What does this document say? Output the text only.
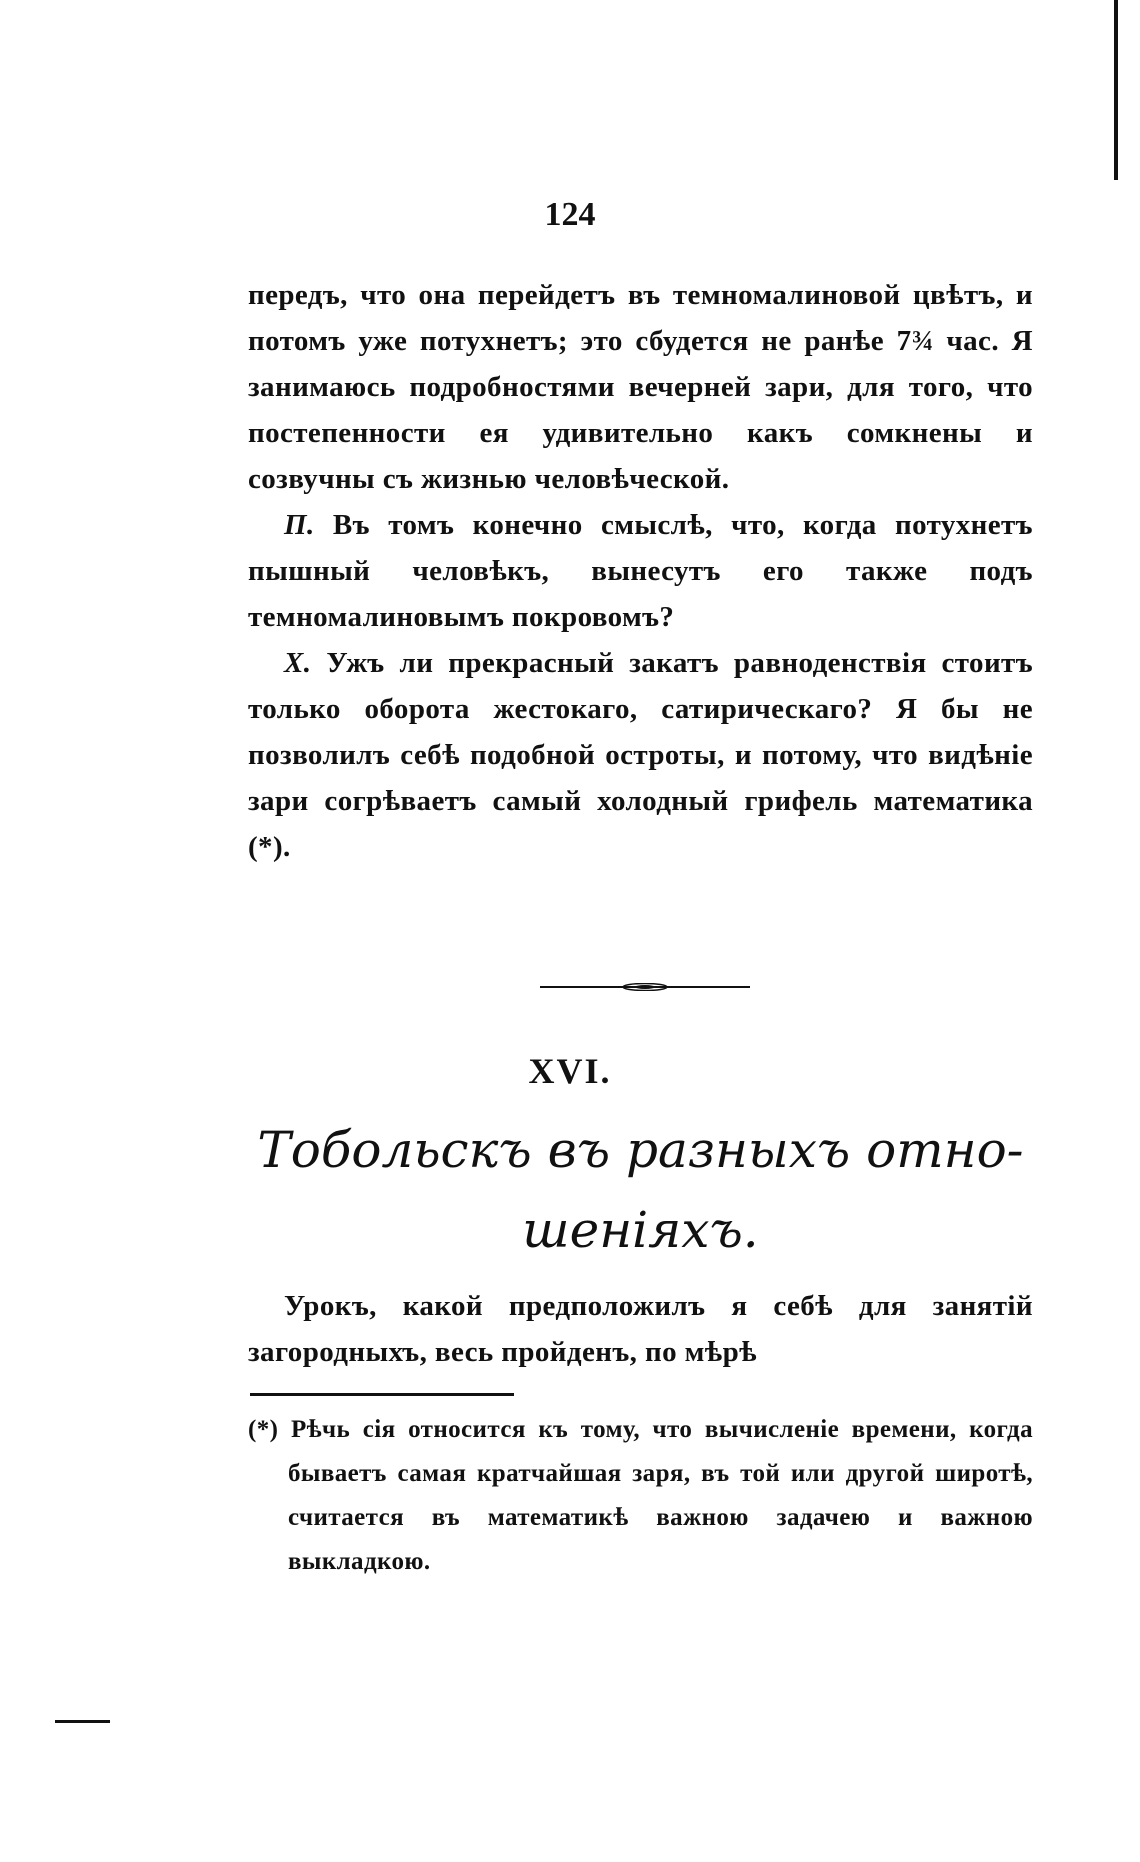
124

передъ, что она перейдетъ въ темномалиновой цвѣтъ, и потомъ уже потухнетъ; это сбудется не ранѣе 7¾ час. Я занимаюсь подробностями вечерней зари, для того, что постепенности ея удивительно какъ сомкнены и созвучны съ жизнью человѣческой.

П. Въ томъ конечно смыслѣ, что, когда потухнетъ пышный человѣкъ, вынесутъ его также подъ темномалиновымъ покровомъ?

Х. Ужъ ли прекрасный закатъ равноденствія стоитъ только оборота жестокаго, сатирическаго? Я бы не позволилъ себѣ подобной остроты, и потому, что видѣніе зари согрѣваетъ самый холодный грифель математика (*).

XVI.
Тобольскъ въ разныхъ отно-
шеніяхъ.

Урокъ, какой предположилъ я себѣ для занятій загородныхъ, весь пройденъ, по мѣрѣ

(*) Рѣчь сія относится къ тому, что вычисленіе времени, когда бываетъ самая кратчайшая заря, въ той или другой широтѣ, считается въ математикѣ важною задачею и важною выкладкою.
